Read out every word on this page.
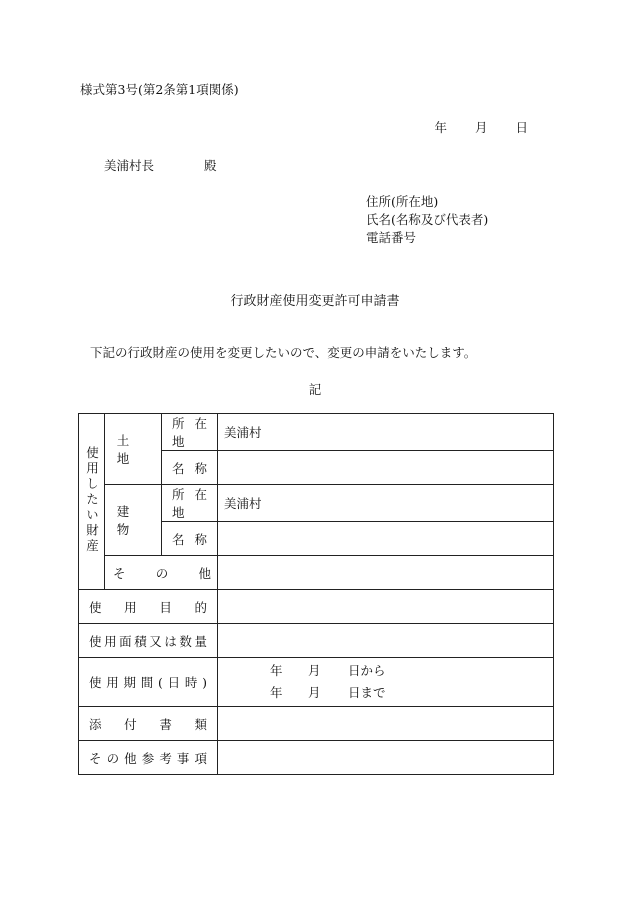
様式第3号(第2条第1項関係)
年 月 日
美浦村長	殿
住所(所在地)
氏名(名称及び代表者)
電話番号
行政財産使用変更許可申請書
下記の行政財産の使用を変更したいので、変更の申請をいたします。
記
使用したい財産	土地	所在地	美浦村
		名称	
	建物	所在地	美浦村
		名称	
	その他		
使用目的			
使用面積又は数量			
使用期間(日時)			年 月 日から
年 月 日まで

添付書類			
その他参考事項			
